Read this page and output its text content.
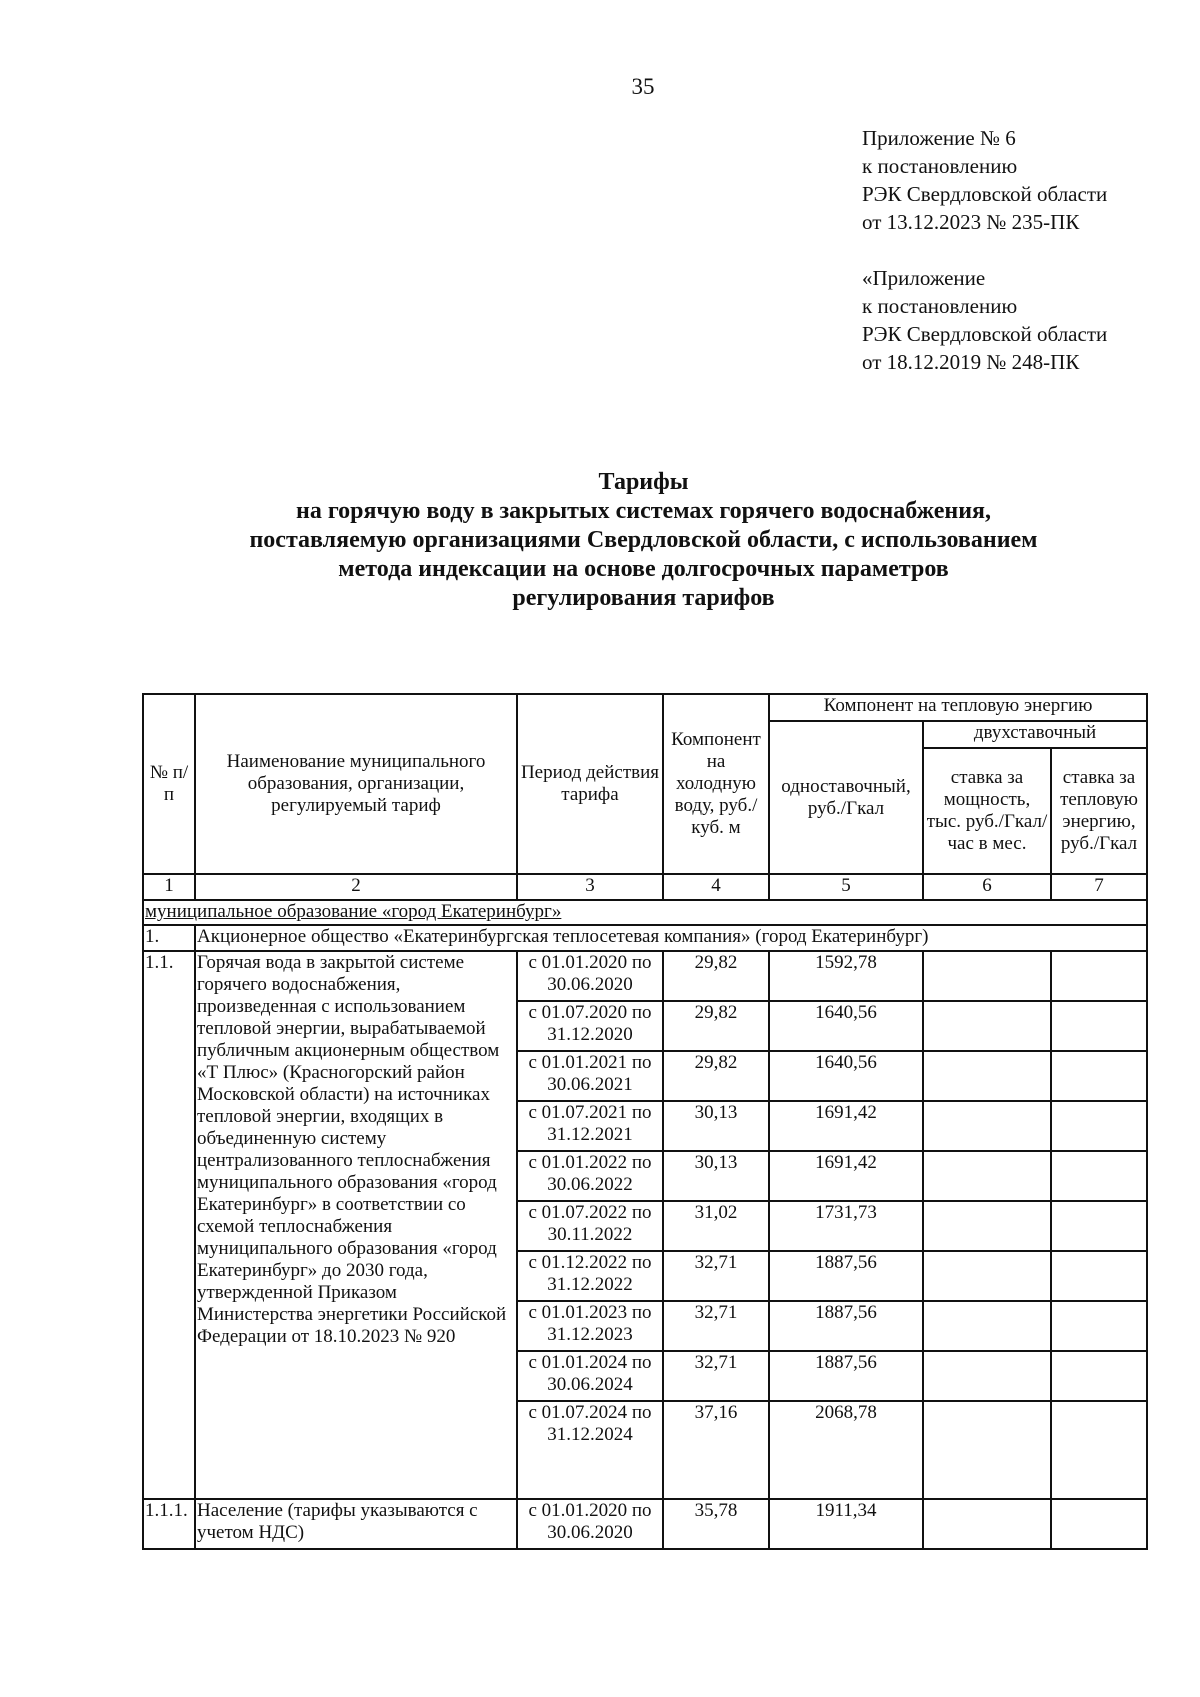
35
Приложение № 6
к постановлению
РЭК Свердловской области
от 13.12.2023 № 235-ПК
«Приложение
к постановлению
РЭК Свердловской области
от 18.12.2019 № 248-ПК
Тарифы
на горячую воду в закрытых системах горячего водоснабжения,
поставляемую организациями Свердловской области, с использованием
метода индексации на основе долгосрочных параметров
регулирования тарифов
№ п/п	Наименование муниципального образования, организации, регулируемый тариф	Период действия тарифа	Компонент на холодную воду, руб./куб. м	Компонент на тепловую энергию		
				одноставочный, руб./Гкал	двухставочный	
					ставка за мощность, тыс. руб./Гкал/час в мес.	ставка за тепловую энергию, руб./Гкал
1	2	3	4	5	6	7
муниципальное образование «город Екатеринбург»						
1.	Акционерное общество «Екатеринбургская теплосетевая компания» (город Екатеринбург)					
1.1.	Горячая вода в закрытой системе горячего водоснабжения, произведенная с использованием тепловой энергии, вырабатываемой публичным акционерным обществом «Т Плюс» (Красногорский район Московской области) на источниках тепловой энергии, входящих в объединенную систему централизованного теплоснабжения муниципального образования «город Екатеринбург» в соответствии со схемой теплоснабжения муниципального образования «город Екатеринбург» до 2030 года, утвержденной Приказом Министерства энергетики Российской Федерации от 18.10.2023 № 920	с 01.01.2020 по
30.06.2020	29,82	1592,78		

		с 01.07.2020 по
31.12.2020	29,82	1640,56		

		с 01.01.2021 по
30.06.2021	29,82	1640,56		

		с 01.07.2021 по
31.12.2021	30,13	1691,42		

		с 01.01.2022 по
30.06.2022	30,13	1691,42		

		с 01.07.2022 по
30.11.2022	31,02	1731,73		

		с 01.12.2022 по
31.12.2022	32,71	1887,56		

		с 01.01.2023 по
31.12.2023	32,71	1887,56		

		с 01.01.2024 по
30.06.2024	32,71	1887,56		

		с 01.07.2024 по
31.12.2024	37,16	2068,78		
1.1.1.	Население (тарифы указываются с учетом НДС)	с 01.01.2020 по
30.06.2020	35,78	1911,34		
